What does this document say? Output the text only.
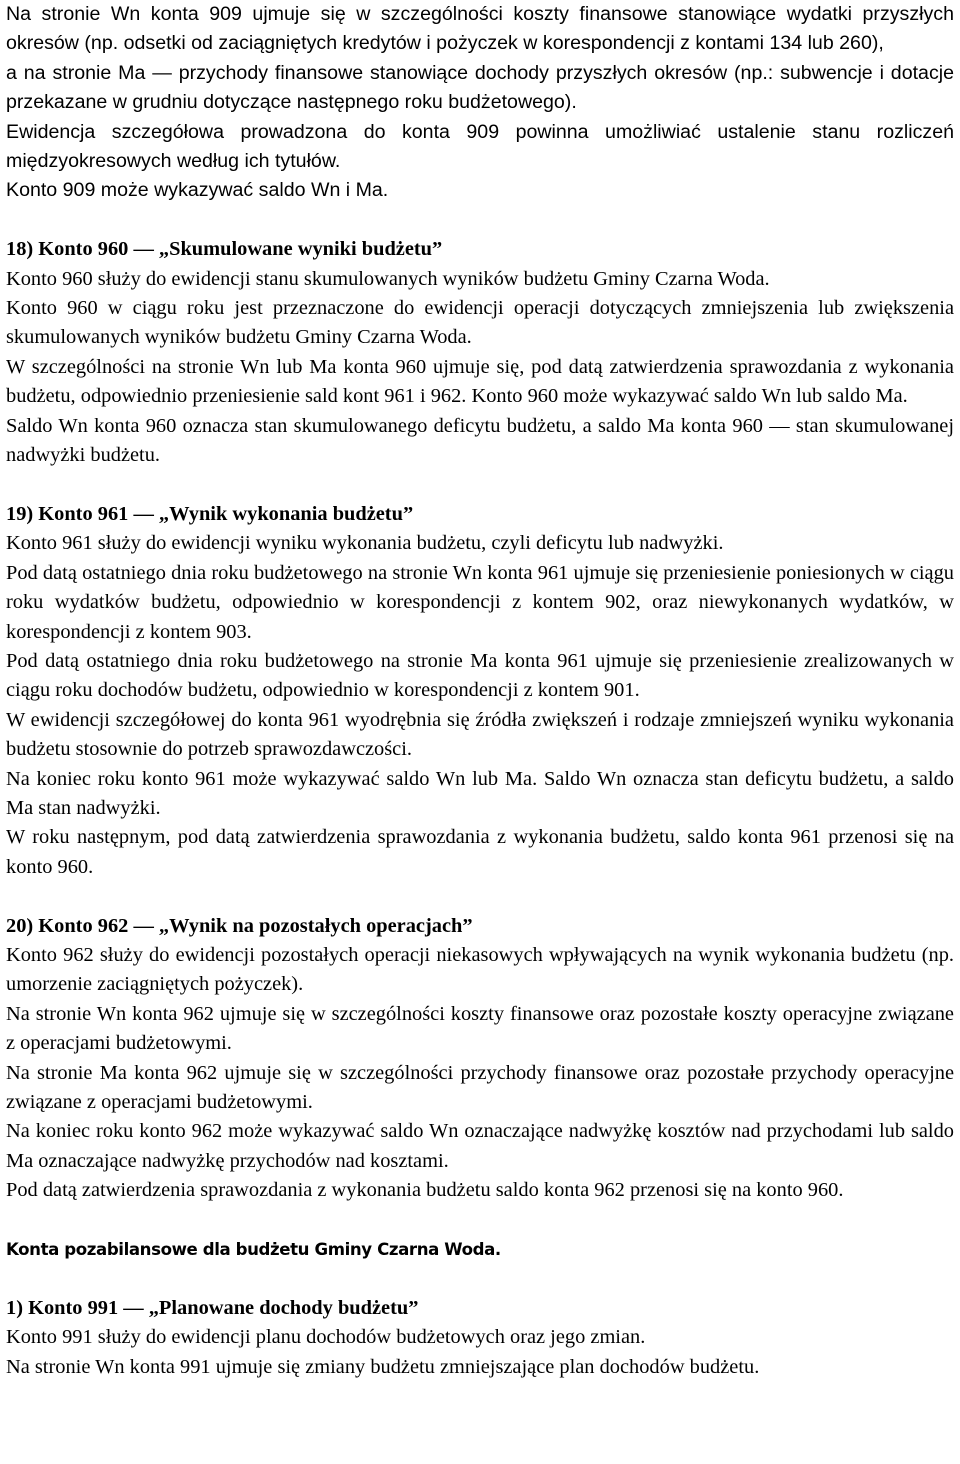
Na stronie Wn konta 909 ujmuje się w szczególności koszty finansowe stanowiące wydatki przyszłych okresów (np. odsetki od zaciągniętych kredytów i pożyczek w korespondencji z kontami 134 lub 260),

a na stronie Ma — przychody finansowe stanowiące dochody przyszłych okresów (np.: subwencje i dotacje przekazane w grudniu dotyczące następnego roku budżetowego).

Ewidencja szczegółowa prowadzona do konta 909 powinna umożliwiać ustalenie stanu rozliczeń międzyokresowych według ich tytułów.

Konto 909 może wykazywać saldo Wn i Ma.

18) Konto 960 — „Skumulowane wyniki budżetu”

Konto 960 służy do ewidencji stanu skumulowanych wyników budżetu Gminy Czarna Woda.

Konto 960 w ciągu roku jest przeznaczone do ewidencji operacji dotyczących zmniejszenia lub zwiększenia skumulowanych wyników budżetu Gminy Czarna Woda.

W szczególności na stronie Wn lub Ma konta 960 ujmuje się, pod datą zatwierdzenia sprawozdania z wykonania budżetu, odpowiednio przeniesienie sald kont 961 i 962. Konto 960 może wykazywać saldo Wn lub saldo Ma.

Saldo Wn konta 960 oznacza stan skumulowanego deficytu budżetu, a saldo Ma konta 960 — stan skumulowanej nadwyżki budżetu.

19) Konto 961 — „Wynik wykonania budżetu”

Konto 961 służy do ewidencji wyniku wykonania budżetu, czyli deficytu lub nadwyżki.

Pod datą ostatniego dnia roku budżetowego na stronie Wn konta 961 ujmuje się przeniesienie poniesionych w ciągu roku wydatków budżetu, odpowiednio w korespondencji z kontem 902, oraz niewykonanych wydatków, w korespondencji z kontem 903.

Pod datą ostatniego dnia roku budżetowego na stronie Ma konta 961 ujmuje się przeniesienie zrealizowanych w ciągu roku dochodów budżetu, odpowiednio w korespondencji z kontem 901.

W ewidencji szczegółowej do konta 961 wyodrębnia się źródła zwiększeń i rodzaje zmniejszeń wyniku wykonania budżetu stosownie do potrzeb sprawozdawczości.

Na koniec roku konto 961 może wykazywać saldo Wn lub Ma. Saldo Wn oznacza stan deficytu budżetu, a saldo Ma stan nadwyżki.

W roku następnym, pod datą zatwierdzenia sprawozdania z wykonania budżetu, saldo konta 961 przenosi się na konto 960.

20) Konto 962 — „Wynik na pozostałych operacjach”

Konto 962 służy do ewidencji pozostałych operacji niekasowych wpływających na wynik wykonania budżetu (np. umorzenie zaciągniętych pożyczek).

Na stronie Wn konta 962 ujmuje się w szczególności koszty finansowe oraz pozostałe koszty operacyjne związane z operacjami budżetowymi.

Na stronie Ma konta 962 ujmuje się w szczególności przychody finansowe oraz pozostałe przychody operacyjne związane z operacjami budżetowymi.

Na koniec roku konto 962 może wykazywać saldo Wn oznaczające nadwyżkę kosztów nad przychodami lub saldo Ma oznaczające nadwyżkę przychodów nad kosztami.

Pod datą zatwierdzenia sprawozdania z wykonania budżetu saldo konta 962 przenosi się na konto 960.

Konta pozabilansowe dla budżetu Gminy Czarna Woda.

1) Konto 991 — „Planowane dochody budżetu”

Konto 991 służy do ewidencji planu dochodów budżetowych oraz jego zmian.

Na stronie Wn konta 991 ujmuje się zmiany budżetu zmniejszające plan dochodów budżetu.
